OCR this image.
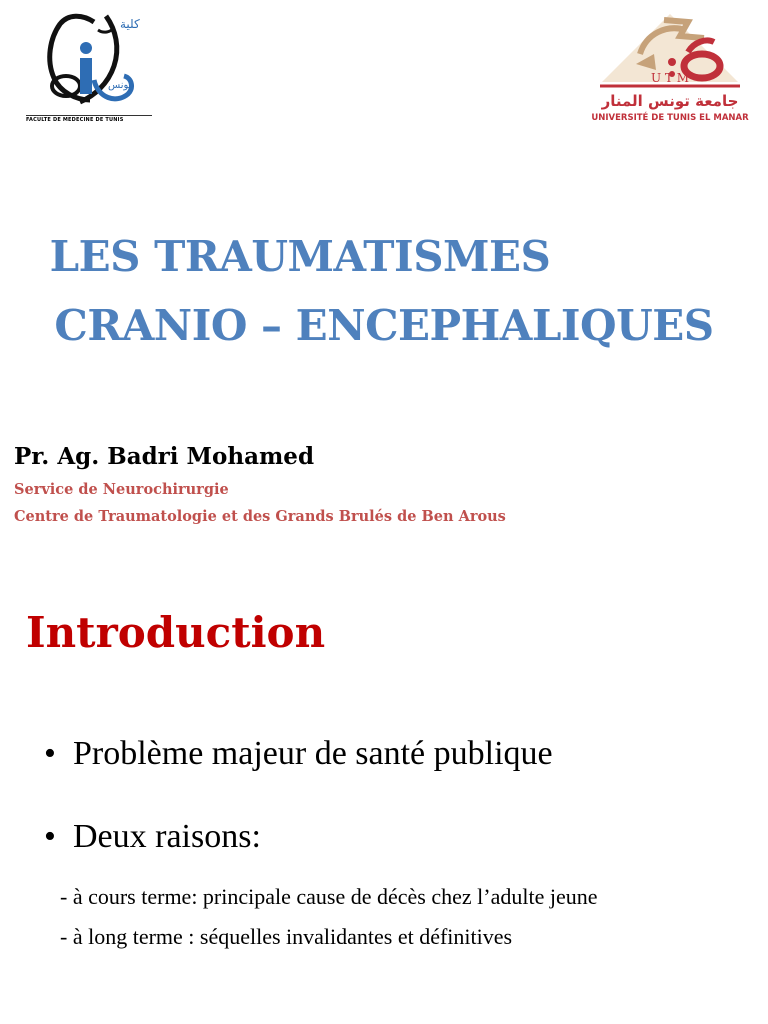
كلية
بتونس
FACULTE DE MEDECINE DE TUNIS
U T M
جامعة تونس المنار
UNIVERSITÉ DE TUNIS EL MANAR
LES TRAUMATISMES
CRANIO – ENCEPHALIQUES
Pr. Ag. Badri Mohamed
Service de Neurochirurgie
Centre de Traumatologie et des Grands Brulés de Ben Arous
Introduction
• Problème majeur de santé publique
• Deux raisons:
- à cours terme: principale cause de décès chez l’adulte jeune
- à long terme : séquelles invalidantes et définitives
